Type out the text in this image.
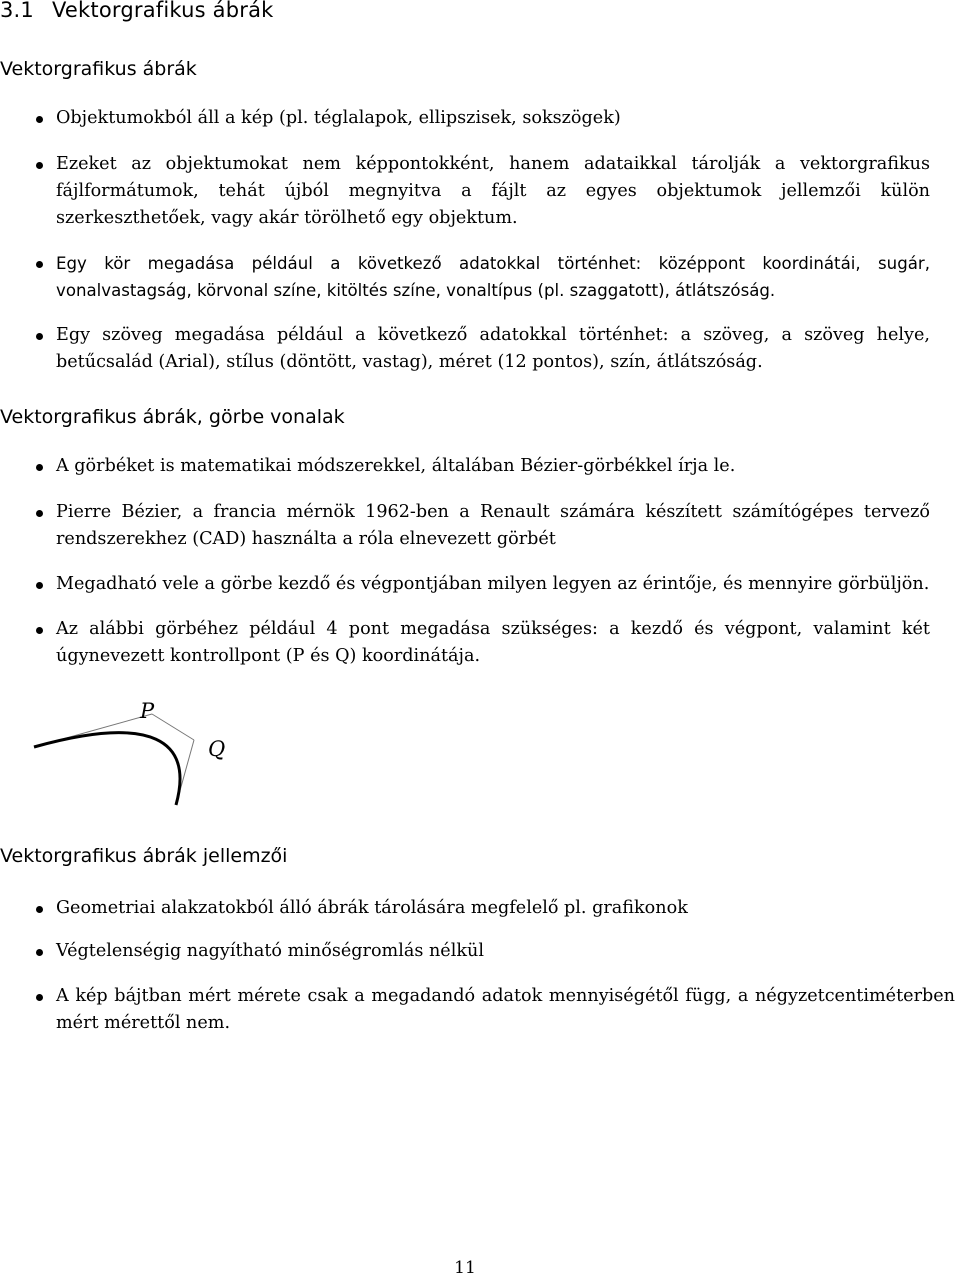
3.1 Vektorgrafikus ábrák
Vektorgrafikus ábrák
Objektumokból áll a kép (pl. téglalapok, ellipszisek, sokszögek)
Ezeket az objektumokat nem képpontokként, hanem adataikkal tárolják a vektorgrafikus fájlformátumok, tehát újból megnyitva a fájlt az egyes objektumok jellemzői külön szerkeszthetőek, vagy akár törölhető egy objektum.
Egy kör megadása például a következő adatokkal történhet: középpont koordinátái, sugár, vonalvastagság, körvonal színe, kitöltés színe, vonaltípus (pl. szaggatott), átlátszóság.
Egy szöveg megadása például a következő adatokkal történhet: a szöveg, a szöveg helye, betűcsalád (Arial), stílus (döntött, vastag), méret (12 pontos), szín, átlátszóság.
Vektorgrafikus ábrák, görbe vonalak
A görbéket is matematikai módszerekkel, általában Bézier-görbékkel írja le.
Pierre Bézier, a francia mérnök 1962-ben a Renault számára készített számítógépes tervező rendszerekhez (CAD) használta a róla elnevezett görbét
Megadható vele a görbe kezdő és végpontjában milyen legyen az érintője, és mennyire görbüljön.
Az alábbi görbéhez például 4 pont megadása szükséges: a kezdő és végpont, valamint két úgynevezett kontrollpont (P és Q) koordinátája.
P
Q
Vektorgrafikus ábrák jellemzői
Geometriai alakzatokból álló ábrák tárolására megfelelő pl. grafikonok
Végtelenségig nagyítható minőségromlás nélkül
A kép bájtban mért mérete csak a megadandó adatok mennyiségétől függ, a négyzetcentiméterben mért mérettől nem.
11
